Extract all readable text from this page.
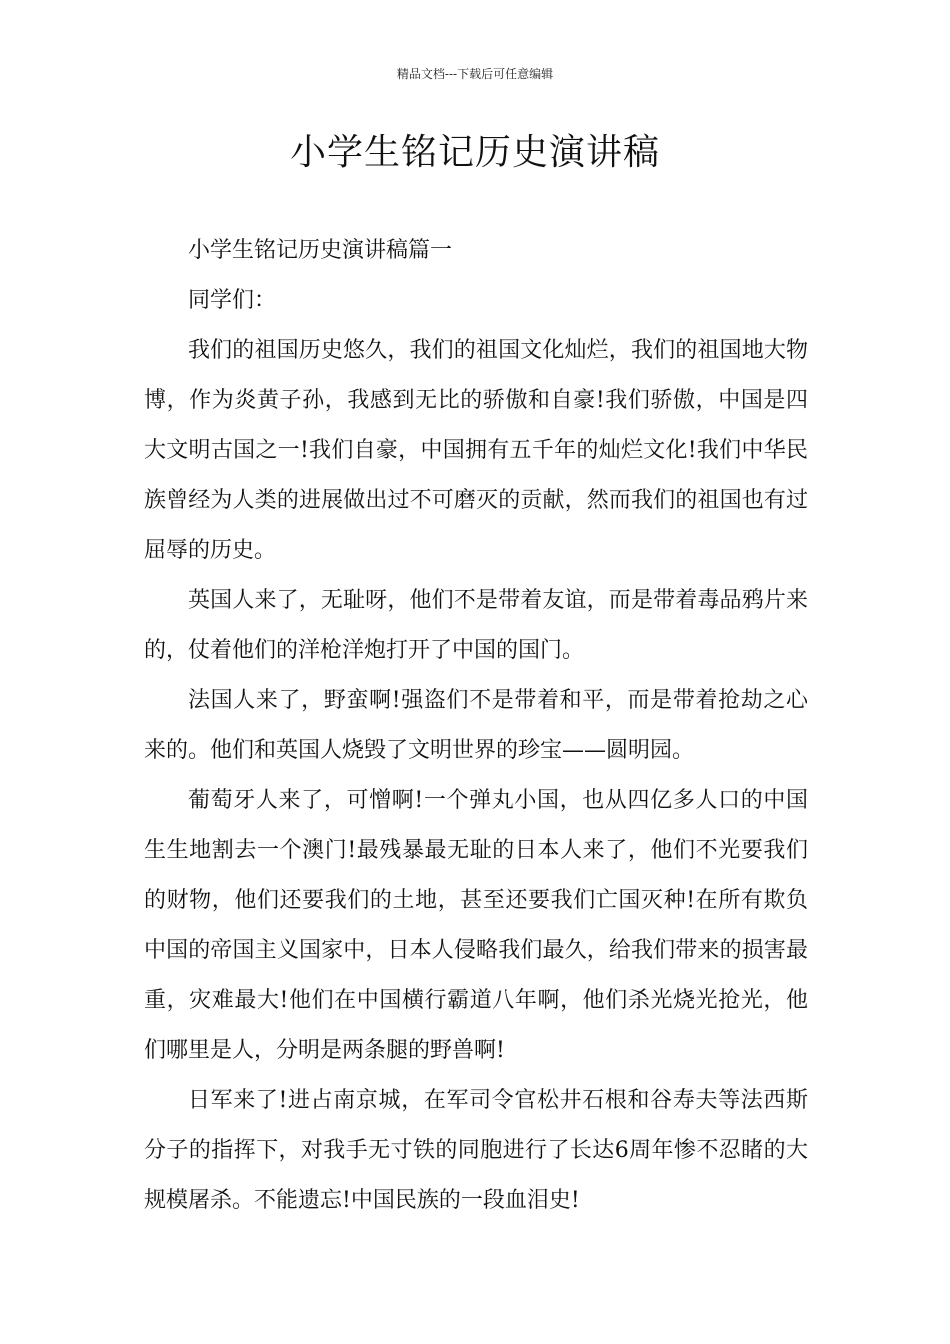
精品文档---下载后可任意编辑
小学生铭记历史演讲稿

小学生铭记历史演讲稿篇一

同学们：

我们的祖国历史悠久，我们的祖国文化灿烂，我们的祖国地大物博，作为炎黄子孙，我感到无比的骄傲和自豪!我们骄傲，中国是四大文明古国之一!我们自豪，中国拥有五千年的灿烂文化!我们中华民族曾经为人类的进展做出过不可磨灭的贡献，然而我们的祖国也有过屈辱的历史。

英国人来了，无耻呀，他们不是带着友谊，而是带着毒品鸦片来的，仗着他们的洋枪洋炮打开了中国的国门。

法国人来了，野蛮啊!强盗们不是带着和平，而是带着抢劫之心来的。他们和英国人烧毁了文明世界的珍宝——圆明园。

葡萄牙人来了，可憎啊!一个弹丸小国，也从四亿多人口的中国生生地割去一个澳门!最残暴最无耻的日本人来了，他们不光要我们的财物，他们还要我们的土地，甚至还要我们亡国灭种!在所有欺负中国的帝国主义国家中，日本人侵略我们最久，给我们带来的损害最重，灾难最大!他们在中国横行霸道八年啊，他们杀光烧光抢光，他们哪里是人，分明是两条腿的野兽啊!

日军来了!进占南京城，在军司令官松井石根和谷寿夫等法西斯分子的指挥下，对我手无寸铁的同胞进行了长达6周年惨不忍睹的大规模屠杀。不能遗忘!中国民族的一段血泪史!
